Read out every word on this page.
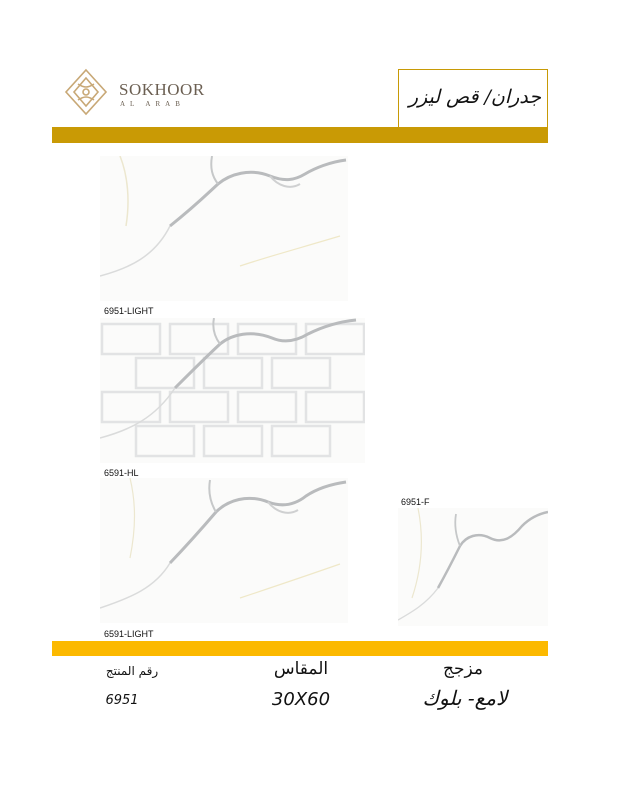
SOKHOOR
AL ARAB	جدران/ قص ليزر
6951-LIGHT
6591-HL
6591-LIGHT
6951-F
رقم المنتج	المقاس	مزجج
6951	30X60	لامع- بلوك
